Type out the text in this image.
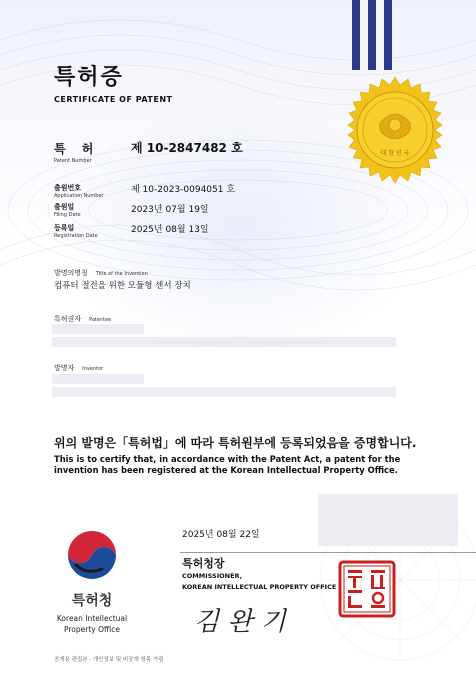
특허증
CERTIFICATE OF PATENT
대 한 민 국
특 허
Patent Number
제 10-2847482 호
출원번호
Application Number
제 10-2023-0094051 호
출원일
Filing Date	2023년 07월 19일
등록일
Registration Date
2025년 08월 13일
발명의명칭 Title of the Invention
컴퓨터 절전을 위한 모듈형 센서 장치
특허권자 Patentee
발명자 Inventor
위의 발명은「특허법」에 따라 특허원부에 등록되었음을 증명합니다.
This is to certify that, in accordance with the Patent Act, a patent for the invention has been registered at the Korean Intellectual Property Office.
2025년 08월 22일
특허청장
COMMISSIONER,
KOREAN INTELLECTUAL PROPERTY OFFICE
특허청
Korean Intellectual
Property Office	김 완 기
공개용 편집본 · 개인정보 및 비공개 항목 가림
